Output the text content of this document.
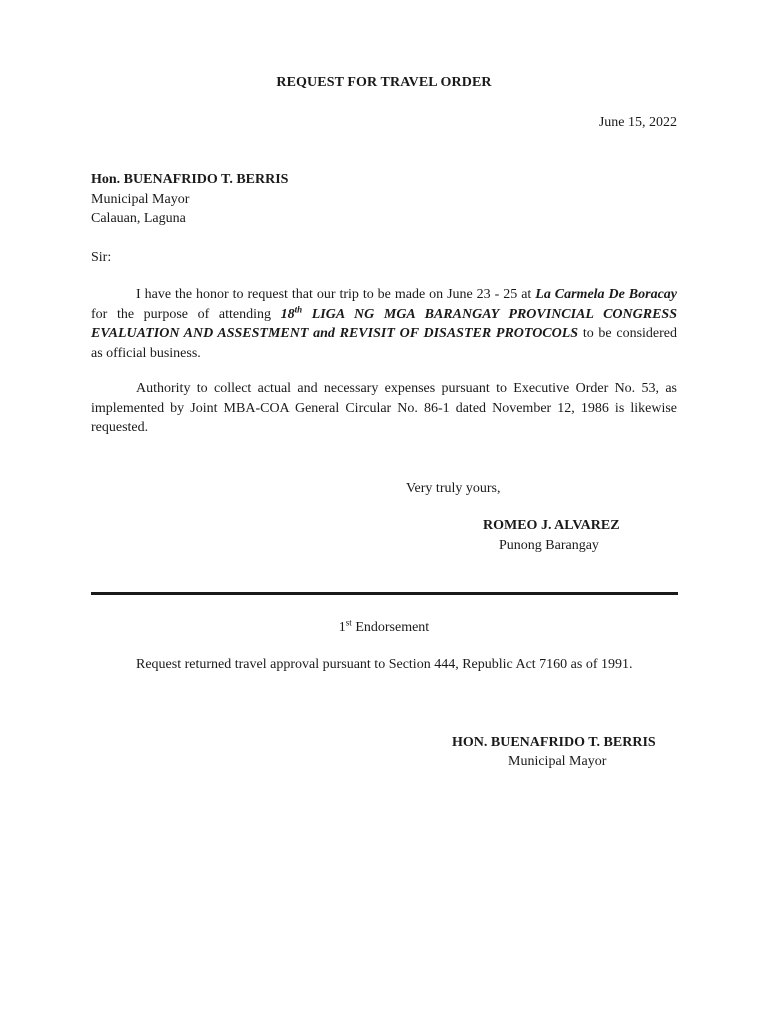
REQUEST FOR TRAVEL ORDER
June 15, 2022
Hon. BUENAFRIDO T. BERRIS
Municipal Mayor
Calauan, Laguna
Sir:
I have the honor to request that our trip to be made on June 23 - 25 at La Carmela De Boracay for the purpose of attending 18th LIGA NG MGA BARANGAY PROVINCIAL CONGRESS EVALUATION AND ASSESTMENT and REVISIT OF DISASTER PROTOCOLS to be considered as official business.
Authority to collect actual and necessary expenses pursuant to Executive Order No. 53, as implemented by Joint MBA-COA General Circular No. 86-1 dated November 12, 1986 is likewise requested.
Very truly yours,
ROMEO J. ALVAREZ
Punong Barangay
1st Endorsement
Request returned travel approval pursuant to Section 444, Republic Act 7160 as of 1991.
HON. BUENAFRIDO T. BERRIS
Municipal Mayor
